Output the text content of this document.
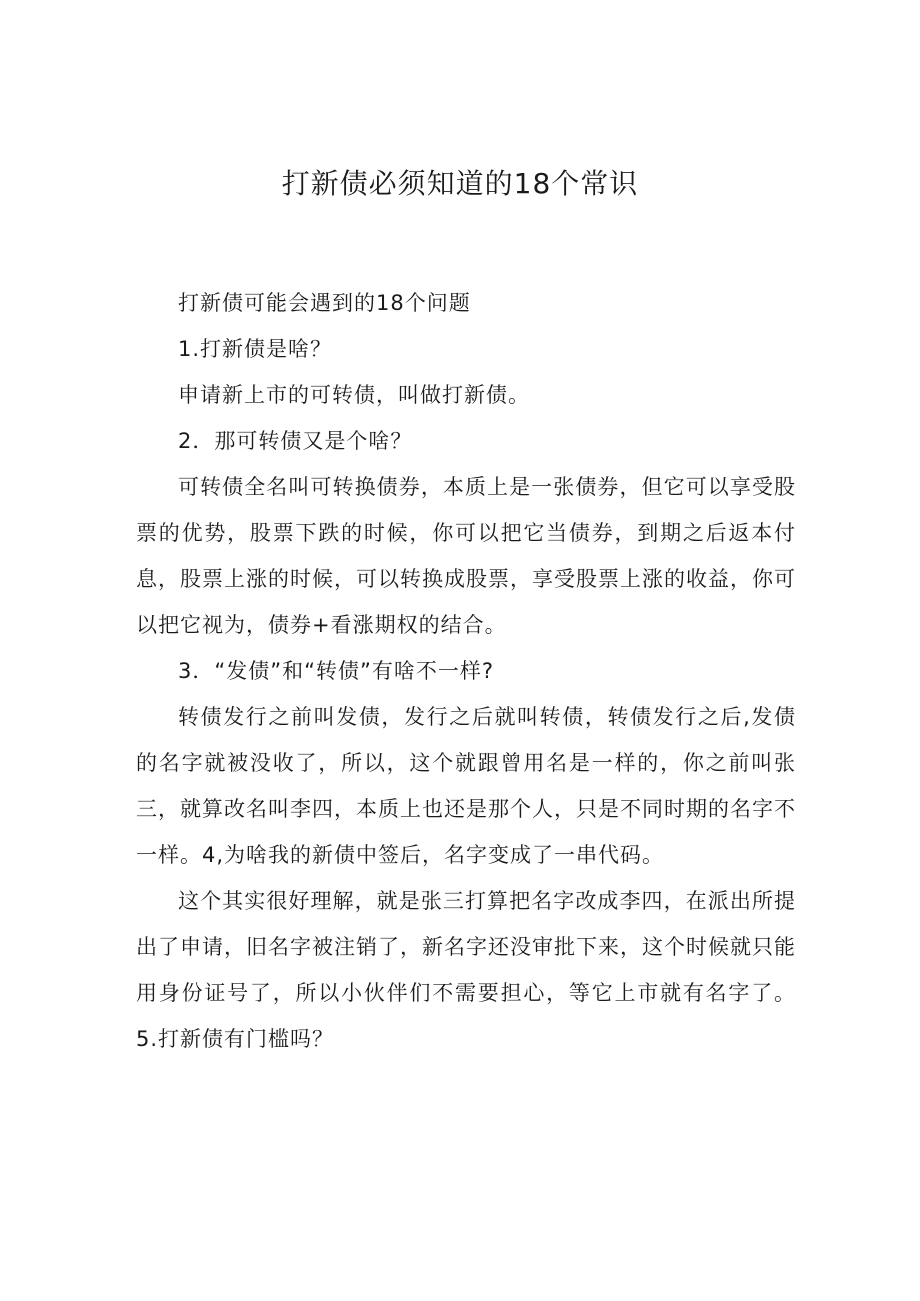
打新债必须知道的18个常识

打新债可能会遇到的18个问题

1.打新债是啥？

申请新上市的可转债，叫做打新债。

2．那可转债又是个啥？

可转债全名叫可转换债券，本质上是一张债券，但它可以享受股票的优势，股票下跌的时候，你可以把它当债券，到期之后返本付息，股票上涨的时候，可以转换成股票，享受股票上涨的收益，你可以把它视为，债券+看涨期权的结合。

3．“发债”和“转债”有啥不一样?

转债发行之前叫发债，发行之后就叫转债，转债发行之后,发债的名字就被没收了，所以，这个就跟曾用名是一样的，你之前叫张三，就算改名叫李四，本质上也还是那个人，只是不同时期的名字不一样。4,为啥我的新债中签后，名字变成了一串代码。

这个其实很好理解，就是张三打算把名字改成李四，在派出所提出了申请，旧名字被注销了，新名字还没审批下来，这个时候就只能用身份证号了，所以小伙伴们不需要担心，等它上市就有名字了。5.打新债有门槛吗？
